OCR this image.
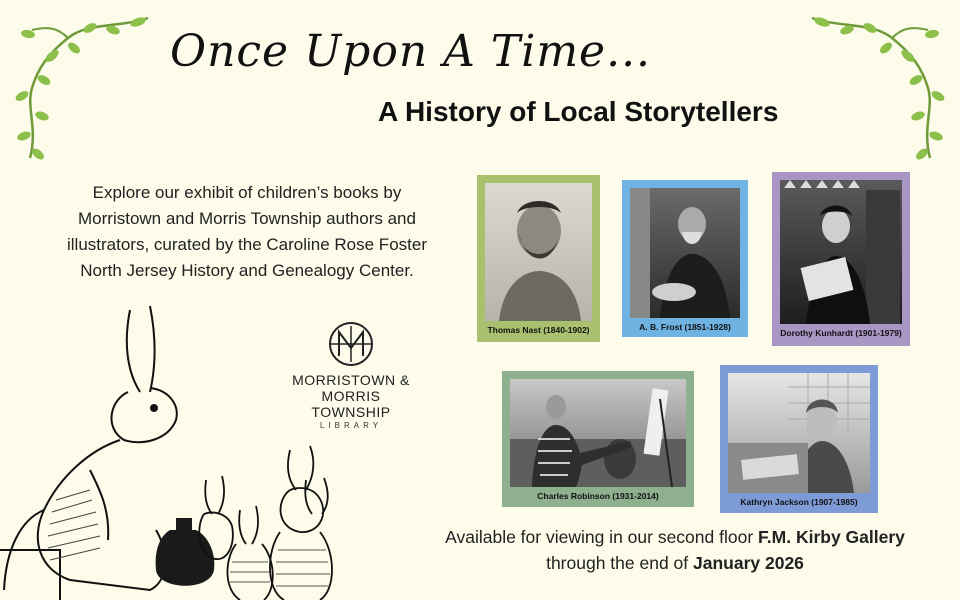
Once Upon A Time...
A History of Local Storytellers
Explore our exhibit of children’s books by Morristown and Morris Township authors and illustrators, curated by the Caroline Rose Foster North Jersey History and Genealogy Center.
MORRISTOWN &
MORRIS TOWNSHIP
LIBRARY
Thomas Nast (1840-1902)	A. B. Frost (1851-1928)
Dorothy Kunhardt (1901-1979)
Charles Robinson (1931-2014)
Kathryn Jackson (1907-1985)
Available for viewing in our second floor F.M. Kirby Gallery
through the end of January 2026
